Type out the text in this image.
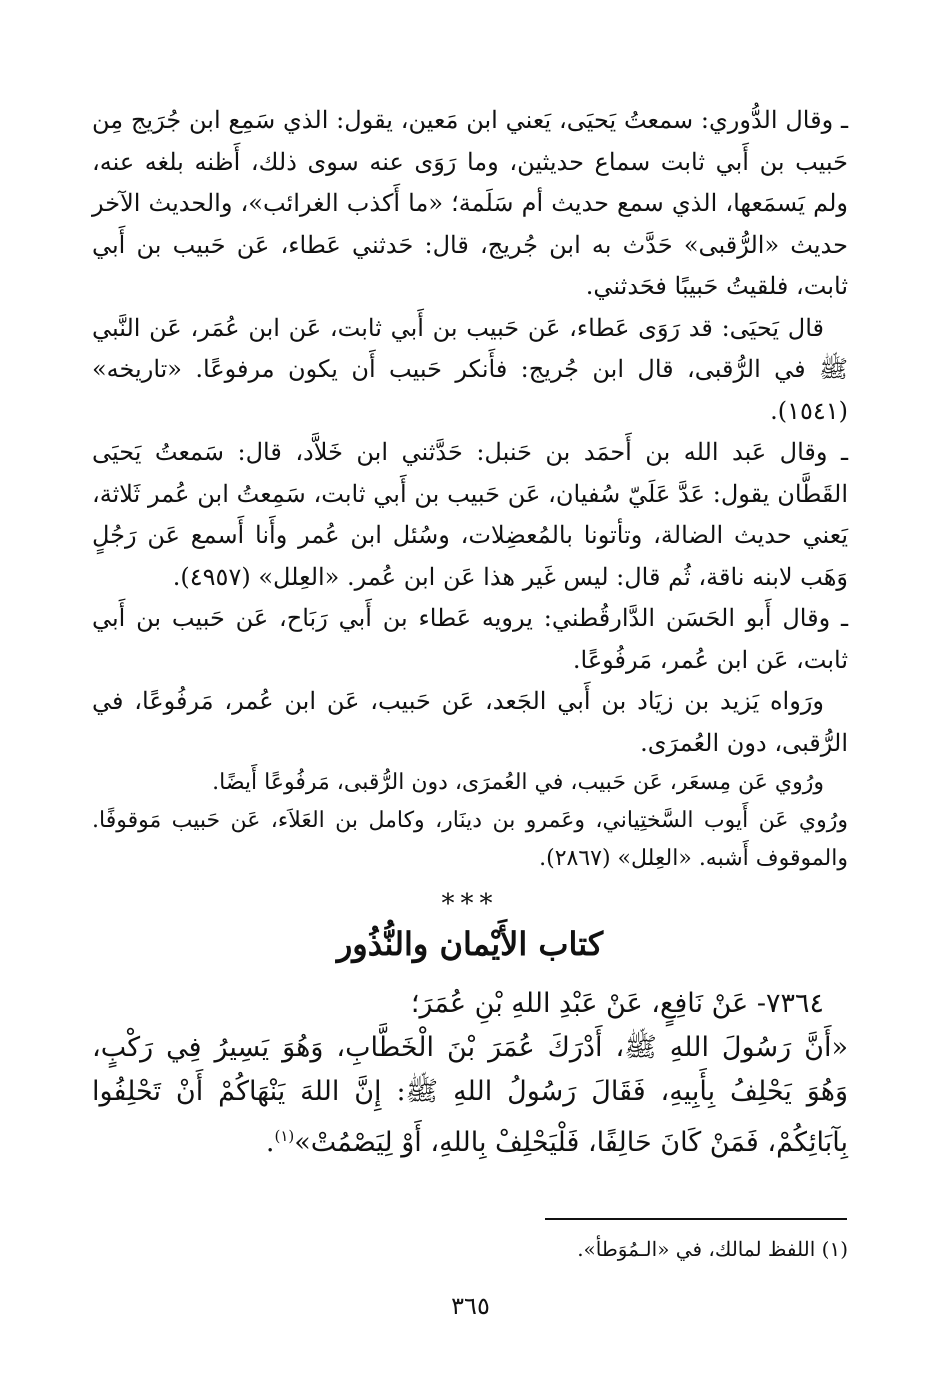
ـ وقال الدُّوري: سمعتُ يَحيَى، يَعني ابن مَعين، يقول: الذي سَمِع ابن جُرَيج مِن حَبيب بن أَبي ثابت سماع حديثين، وما رَوَى عنه سوى ذلك، أَظنه بلغه عنه، ولم يَسمَعها، الذي سمع حديث أم سَلَمة؛ «ما أَكذب الغرائب»، والحديث الآخر حديث «الرُّقبى» حَدَّث به ابن جُريج، قال: حَدثني عَطاء، عَن حَبيب بن أَبي ثابت، فلقيتُ حَبيبًا فحَدثني.

قال يَحيَى: قد رَوَى عَطاء، عَن حَبيب بن أَبي ثابت، عَن ابن عُمَر، عَن النَّبي ﷺ في الرُّقبى، قال ابن جُريج: فأَنكر حَبيب أَن يكون مرفوعًا. «تاريخه» (١٥٤١).

ـ وقال عَبد الله بن أَحمَد بن حَنبل: حَدَّثني ابن خَلاَّد، قال: سَمعتُ يَحيَى القَطَّان يقول: عَدَّ عَلَيّ سُفيان، عَن حَبيب بن أَبي ثابت، سَمِعتُ ابن عُمر ثَلاثة، يَعني حديث الضالة، وتأتونا بالمُعضِلات، وسُئل ابن عُمر وأَنا أَسمع عَن رَجُلٍ وَهَب لابنه ناقة، ثُم قال: ليس غَير هذا عَن ابن عُمر. «العِلل» (٤٩٥٧).

ـ وقال أَبو الحَسَن الدَّارقُطني: يرويه عَطاء بن أَبي رَبَاح، عَن حَبيب بن أَبي ثابت، عَن ابن عُمر، مَرفُوعًا.

ورَواه يَزيد بن زيَاد بن أَبي الجَعد، عَن حَبيب، عَن ابن عُمر، مَرفُوعًا، في الرُّقبى، دون العُمرَى.

ورُوي عَن مِسعَر، عَن حَبيب، في العُمرَى، دون الرُّقبى، مَرفُوعًا أَيضًا.

ورُوي عَن أَيوب السَّختِياني، وعَمرو بن دينَار، وكامل بن العَلاَء، عَن حَبيب مَوقوفًا. والموقوف أَشبه. «العِلل» (٢٨٦٧).

***
كتاب الأَيْمان والنُّذُور

٧٣٦٤- عَنْ نَافِعٍ، عَنْ عَبْدِ اللهِ بْنِ عُمَرَ؛

«أَنَّ رَسُولَ اللهِ ﷺ، أَدْرَكَ عُمَرَ بْنَ الْخَطَّابِ، وَهُوَ يَسِيرُ فِي رَكْبٍ، وَهُوَ يَحْلِفُ بِأَبِيهِ، فَقَالَ رَسُولُ اللهِ ﷺ: إِنَّ اللهَ يَنْهَاكُمْ أَنْ تَحْلِفُوا بِآبَائِكُمْ، فَمَنْ كَانَ حَالِفًا، فَلْيَحْلِفْ بِاللهِ، أَوْ لِيَصْمُتْ»$^{(١)}$.

(١) اللفظ لمالك، في «الـمُوَطأ».
٣٦٥
